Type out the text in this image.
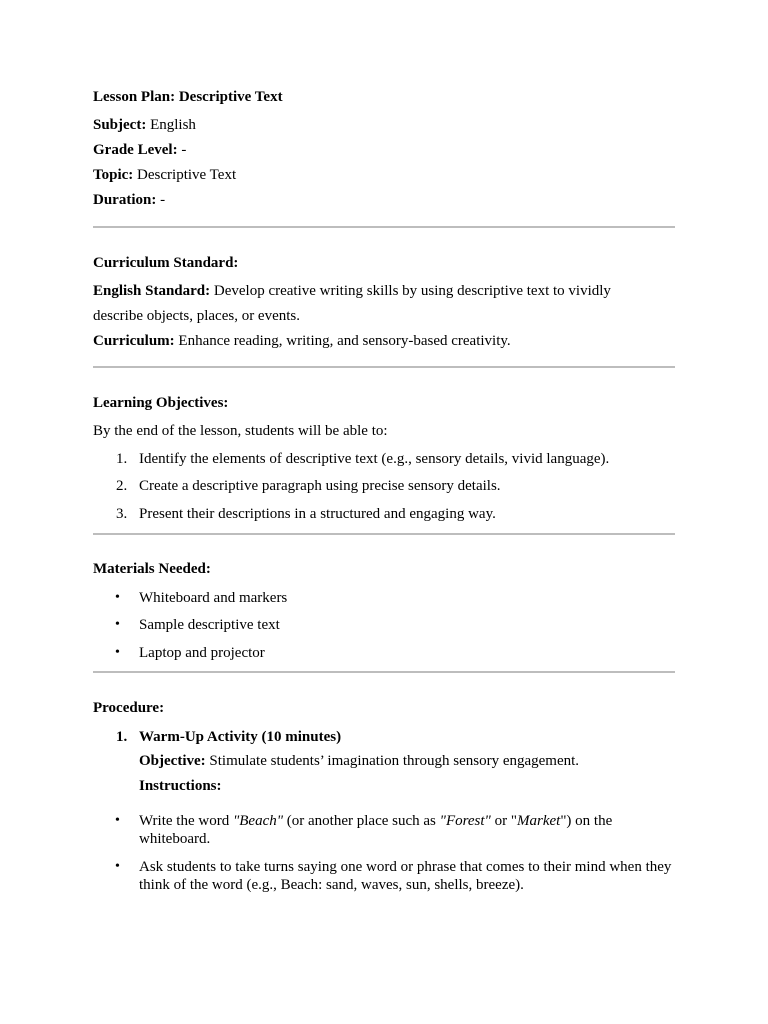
Lesson Plan: Descriptive Text
Subject: English
Grade Level: -
Topic: Descriptive Text
Duration: -
Curriculum Standard:
English Standard: Develop creative writing skills by using descriptive text to vividly
describe objects, places, or events.
Curriculum: Enhance reading, writing, and sensory-based creativity.
Learning Objectives:
By the end of the lesson, students will be able to:
1. Identify the elements of descriptive text (e.g., sensory details, vivid language).
2. Create a descriptive paragraph using precise sensory details.
3. Present their descriptions in a structured and engaging way.
Materials Needed:
• Whiteboard and markers
• Sample descriptive text
• Laptop and projector
Procedure:
1. Warm-Up Activity (10 minutes)
Objective: Stimulate students’ imagination through sensory engagement.
Instructions:
• Write the word "Beach" (or another place such as "Forest" or "Market") on the whiteboard.
• Ask students to take turns saying one word or phrase that comes to their mind when they think of the word (e.g., Beach: sand, waves, sun, shells, breeze).
